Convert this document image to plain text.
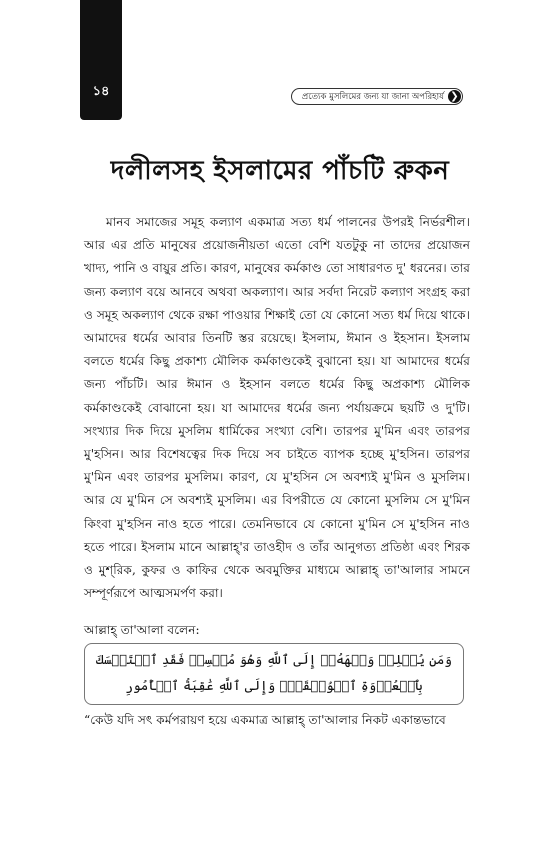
১৪	প্রত্যেক মুসলিমের জন্য যা জানা অপরিহার্য ❯
দলীলসহ ইসলামের পাঁচটি রুকন

মানব সমাজের সমূহ কল্যাণ একমাত্র সত্য ধর্ম পালনের উপরই নির্ভরশীল। আর এর প্রতি মানুষের প্রয়োজনীয়তা এতো বেশি যতটুকু না তাদের প্রয়োজন খাদ্য, পানি ও বায়ুর প্রতি। কারণ, মানুষের কর্মকাণ্ড তো সাধারণত দু' ধরনের। তার জন্য কল্যাণ বয়ে আনবে অথবা অকল্যাণ। আর সর্বদা নিরেট কল্যাণ সংগ্রহ করা ও সমূহ অকল্যাণ থেকে রক্ষা পাওয়ার শিক্ষাই তো যে কোনো সত্য ধর্ম দিয়ে থাকে। আমাদের ধর্মের আবার তিনটি স্তর রয়েছে। ইসলাম, ঈমান ও ইহসান। ইসলাম বলতে ধর্মের কিছু প্রকাশ্য মৌলিক কর্মকাণ্ডকেই বুঝানো হয়। যা আমাদের ধর্মের জন্য পাঁচটি। আর ঈমান ও ইহসান বলতে ধর্মের কিছু অপ্রকাশ্য মৌলিক কর্মকাণ্ডকেই বোঝানো হয়। যা আমাদের ধর্মের জন্য পর্যায়ক্রমে ছয়টি ও দু'টি। সংখ্যার দিক দিয়ে মুসলিম ধার্মিকের সংখ্যা বেশি। তারপর মু'মিন এবং তারপর মু'হসিন। আর বিশেষত্বের দিক দিয়ে সব চাইতে ব্যাপক হচ্ছে মু'হসিন। তারপর মু'মিন এবং তারপর মুসলিম। কারণ, যে মু'হসিন সে অবশ্যই মু'মিন ও মুসলিম। আর যে মু'মিন সে অবশ্যই মুসলিম। এর বিপরীতে যে কোনো মুসলিম সে মু'মিন কিংবা মু'হসিন নাও হতে পারে। তেমনিভাবে যে কোনো মু'মিন সে মু'হসিন নাও হতে পারে। ইসলাম মানে আল্লাহ্'র তাওহীদ ও তাঁর আনুগত্য প্রতিষ্ঠা এবং শিরক ও মুশ্‌রিক, কুফর ও কাফির থেকে অবমুক্তির মাধ্যমে আল্লাহ্ তা'আলার সামনে সম্পূর্ণরূপে আত্মসমর্পণ করা।

আল্লাহ্ তা'আলা বলেন:
وَمَن يُسۡلِمۡ وَجۡهَهُۥٓ إِلَى ٱللَّهِ وَهُوَ مُحۡسِنٞ فَقَدِ ٱسۡتَمۡسَكَ بِٱلۡعُرۡوَةِ ٱلۡوُثۡقَىٰۗ وَإِلَى ٱللَّهِ عَٰقِبَةُ ٱلۡأُمُورِ
“কেউ যদি সৎ কর্মপরায়ণ হয়ে একমাত্র আল্লাহ্ তা'আলার নিকট একান্তভাবে
